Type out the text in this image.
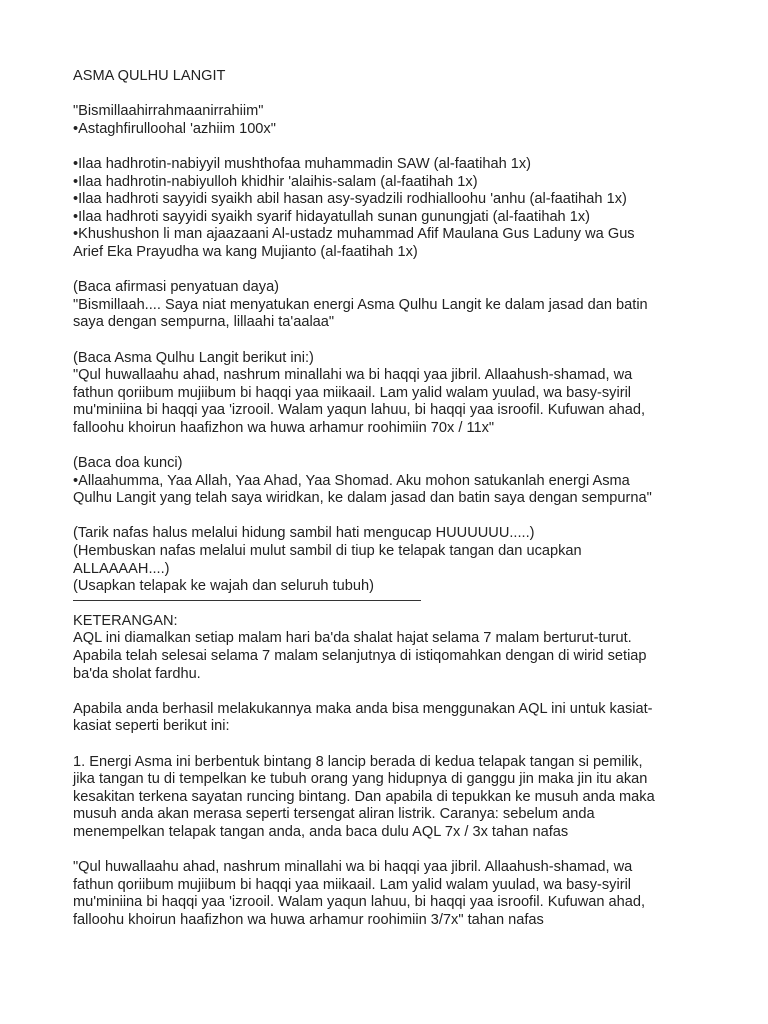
ASMA QULHU LANGIT
"Bismillaahirrahmaanirrahiim"
•Astaghfirulloohal 'azhiim 100x"
•Ilaa hadhrotin-nabiyyil mushthofaa muhammadin SAW (al-faatihah 1x)
•Ilaa hadhrotin-nabiyulloh khidhir 'alaihis-salam (al-faatihah 1x)
•Ilaa hadhroti sayyidi syaikh abil hasan asy-syadzili rodhialloohu 'anhu (al-faatihah 1x)
•Ilaa hadhroti sayyidi syaikh syarif hidayatullah sunan gunungjati (al-faatihah 1x)
•Khushushon li man ajaazaani Al-ustadz muhammad Afif Maulana Gus Laduny wa Gus
Arief Eka Prayudha wa kang Mujianto (al-faatihah 1x)
(Baca afirmasi penyatuan daya)
"Bismillaah.... Saya niat menyatukan energi Asma Qulhu Langit ke dalam jasad dan batin
saya dengan sempurna, lillaahi ta'aalaa"
(Baca Asma Qulhu Langit berikut ini:)
"Qul huwallaahu ahad, nashrum minallahi wa bi haqqi yaa jibril. Allaahush-shamad, wa
fathun qoriibum mujiibum bi haqqi yaa miikaail. Lam yalid walam yuulad, wa basy-syiril
mu'miniina bi haqqi yaa 'izrooil. Walam yaqun lahuu, bi haqqi yaa isroofil. Kufuwan ahad,
falloohu khoirun haafizhon wa huwa arhamur roohimiin 70x / 11x"
(Baca doa kunci)
•Allaahumma, Yaa Allah, Yaa Ahad, Yaa Shomad. Aku mohon satukanlah energi Asma
Qulhu Langit yang telah saya wiridkan, ke dalam jasad dan batin saya dengan sempurna"
(Tarik nafas halus melalui hidung sambil hati mengucap HUUUUUU.....)
(Hembuskan nafas melalui mulut sambil di tiup ke telapak tangan dan ucapkan
ALLAAAAH....)
(Usapkan telapak ke wajah dan seluruh tubuh)
KETERANGAN:
AQL ini diamalkan setiap malam hari ba'da shalat hajat selama 7 malam berturut-turut.
Apabila telah selesai selama 7 malam selanjutnya di istiqomahkan dengan di wirid setiap
ba'da sholat fardhu.
Apabila anda berhasil melakukannya maka anda bisa menggunakan AQL ini untuk kasiat-
kasiat seperti berikut ini:
1. Energi Asma ini berbentuk bintang 8 lancip berada di kedua telapak tangan si pemilik,
jika tangan tu di tempelkan ke tubuh orang yang hidupnya di ganggu jin maka jin itu akan
kesakitan terkena sayatan runcing bintang. Dan apabila di tepukkan ke musuh anda maka
musuh anda akan merasa seperti tersengat aliran listrik. Caranya: sebelum anda
menempelkan telapak tangan anda, anda baca dulu AQL 7x / 3x tahan nafas
"Qul huwallaahu ahad, nashrum minallahi wa bi haqqi yaa jibril. Allaahush-shamad, wa
fathun qoriibum mujiibum bi haqqi yaa miikaail. Lam yalid walam yuulad, wa basy-syiril
mu'miniina bi haqqi yaa 'izrooil. Walam yaqun lahuu, bi haqqi yaa isroofil. Kufuwan ahad,
falloohu khoirun haafizhon wa huwa arhamur roohimiin 3/7x" tahan nafas
